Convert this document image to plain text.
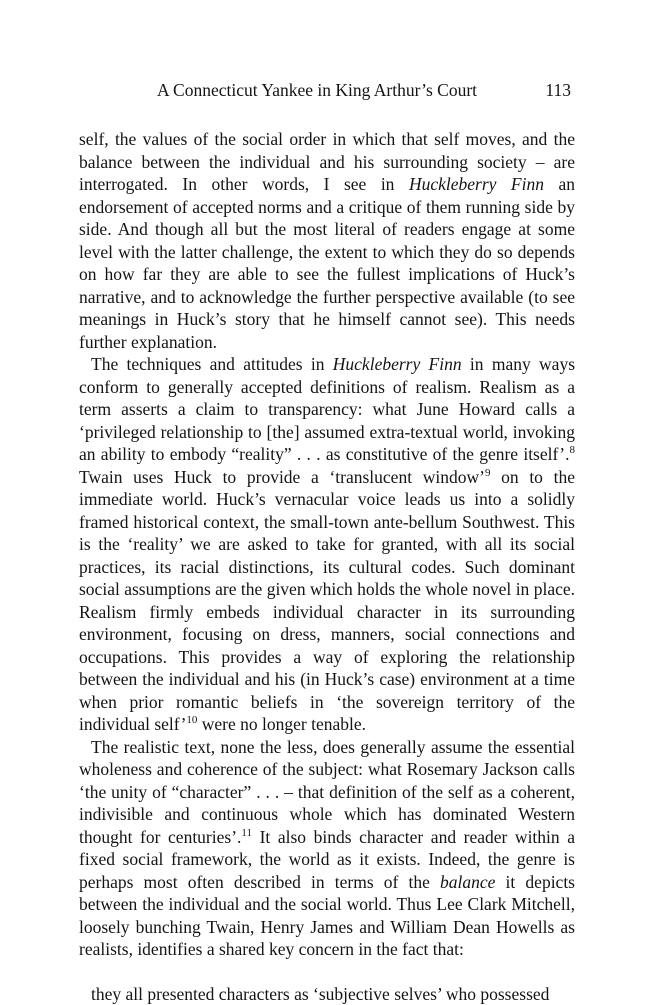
A Connecticut Yankee in King Arthur’s Court	113

self, the values of the social order in which that self moves, and the balance between the individual and his surrounding society – are interrogated. In other words, I see in Huckleberry Finn an endorsement of accepted norms and a critique of them running side by side. And though all but the most literal of readers engage at some level with the latter challenge, the extent to which they do so depends on how far they are able to see the fullest implications of Huck’s narrative, and to acknowledge the further perspective available (to see meanings in Huck’s story that he himself cannot see). This needs further explanation.

The techniques and attitudes in Huckleberry Finn in many ways conform to generally accepted definitions of realism. Realism as a term asserts a claim to transparency: what June Howard calls a ‘privileged relationship to [the] assumed extra-textual world, invoking an ability to embody “reality” . . . as constitutive of the genre itself’.$^8$ Twain uses Huck to provide a ‘translucent window’$^9$ on to the immediate world. Huck’s vernacular voice leads us into a solidly framed historical context, the small-town ante-bellum Southwest. This is the ‘reality’ we are asked to take for granted, with all its social practices, its racial distinctions, its cultural codes. Such dominant social assumptions are the given which holds the whole novel in place. Realism firmly embeds individual character in its surrounding environment, focusing on dress, manners, social connections and occupations. This provides a way of exploring the relationship between the individual and his (in Huck’s case) environment at a time when prior romantic beliefs in ‘the sovereign territory of the individual self’$^{10}$ were no longer tenable.

The realistic text, none the less, does generally assume the essential wholeness and coherence of the subject: what Rosemary Jackson calls ‘the unity of “character” . . . – that definition of the self as a coherent, indivisible and continuous whole which has dominated Western thought for centuries’.$^{11}$ It also binds character and reader within a fixed social framework, the world as it exists. Indeed, the genre is perhaps most often described in terms of the balance it depicts between the individual and the social world. Thus Lee Clark Mitchell, loosely bunching Twain, Henry James and William Dean Howells as realists, identifies a shared key concern in the fact that:

they all presented characters as ‘subjective selves’ who possessed
